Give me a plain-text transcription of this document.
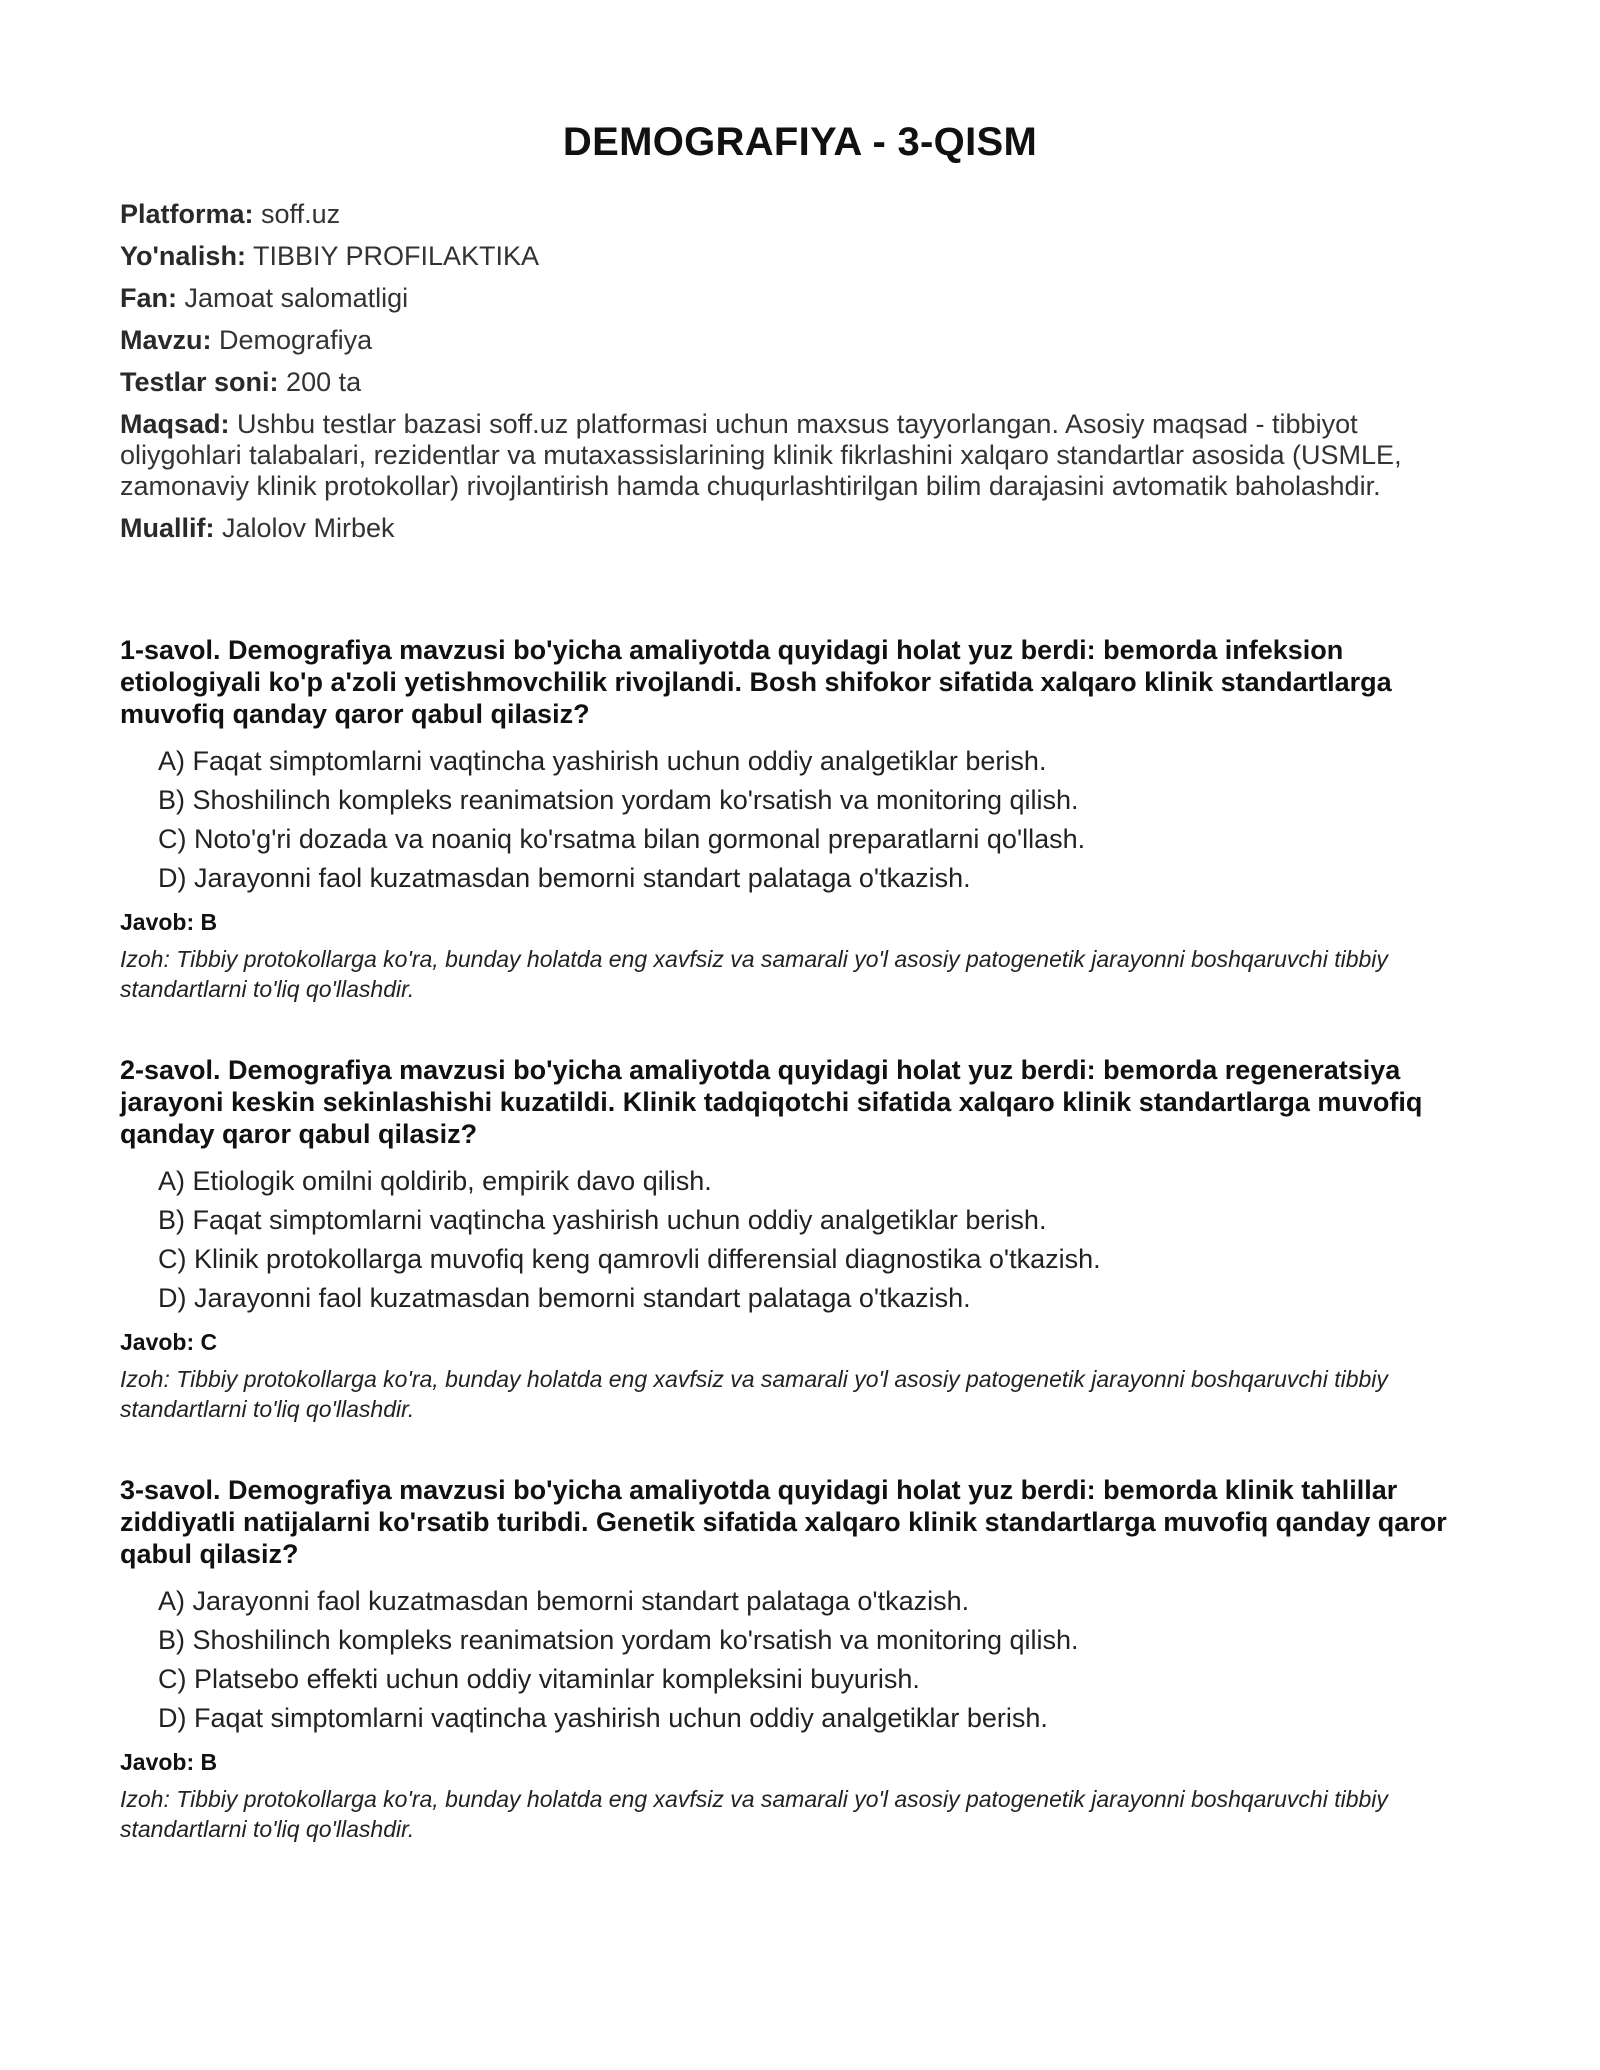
DEMOGRAFIYA - 3-QISM
Platforma: soff.uz
Yo'nalish: TIBBIY PROFILAKTIKA
Fan: Jamoat salomatligi
Mavzu: Demografiya
Testlar soni: 200 ta
Maqsad: Ushbu testlar bazasi soff.uz platformasi uchun maxsus tayyorlangan. Asosiy maqsad - tibbiyot oliygohlari talabalari, rezidentlar va mutaxassislarining klinik fikrlashini xalqaro standartlar asosida (USMLE, zamonaviy klinik protokollar) rivojlantirish hamda chuqurlashtirilgan bilim darajasini avtomatik baholashdir.
Muallif: Jalolov Mirbek
1-savol. Demografiya mavzusi bo'yicha amaliyotda quyidagi holat yuz berdi: bemorda infeksion etiologiyali ko'p a'zoli yetishmovchilik rivojlandi. Bosh shifokor sifatida xalqaro klinik standartlarga muvofiq qanday qaror qabul qilasiz?
A) Faqat simptomlarni vaqtincha yashirish uchun oddiy analgetiklar berish.
B) Shoshilinch kompleks reanimatsion yordam ko'rsatish va monitoring qilish.
C) Noto'g'ri dozada va noaniq ko'rsatma bilan gormonal preparatlarni qo'llash.
D) Jarayonni faol kuzatmasdan bemorni standart palataga o'tkazish.
Javob: B
Izoh: Tibbiy protokollarga ko'ra, bunday holatda eng xavfsiz va samarali yo'l asosiy patogenetik jarayonni boshqaruvchi tibbiy standartlarni to'liq qo'llashdir.
2-savol. Demografiya mavzusi bo'yicha amaliyotda quyidagi holat yuz berdi: bemorda regeneratsiya jarayoni keskin sekinlashishi kuzatildi. Klinik tadqiqotchi sifatida xalqaro klinik standartlarga muvofiq qanday qaror qabul qilasiz?
A) Etiologik omilni qoldirib, empirik davo qilish.
B) Faqat simptomlarni vaqtincha yashirish uchun oddiy analgetiklar berish.
C) Klinik protokollarga muvofiq keng qamrovli differensial diagnostika o'tkazish.
D) Jarayonni faol kuzatmasdan bemorni standart palataga o'tkazish.
Javob: C
Izoh: Tibbiy protokollarga ko'ra, bunday holatda eng xavfsiz va samarali yo'l asosiy patogenetik jarayonni boshqaruvchi tibbiy standartlarni to'liq qo'llashdir.
3-savol. Demografiya mavzusi bo'yicha amaliyotda quyidagi holat yuz berdi: bemorda klinik tahlillar ziddiyatli natijalarni ko'rsatib turibdi. Genetik sifatida xalqaro klinik standartlarga muvofiq qanday qaror qabul qilasiz?
A) Jarayonni faol kuzatmasdan bemorni standart palataga o'tkazish.
B) Shoshilinch kompleks reanimatsion yordam ko'rsatish va monitoring qilish.
C) Platsebo effekti uchun oddiy vitaminlar kompleksini buyurish.
D) Faqat simptomlarni vaqtincha yashirish uchun oddiy analgetiklar berish.
Javob: B
Izoh: Tibbiy protokollarga ko'ra, bunday holatda eng xavfsiz va samarali yo'l asosiy patogenetik jarayonni boshqaruvchi tibbiy standartlarni to'liq qo'llashdir.
